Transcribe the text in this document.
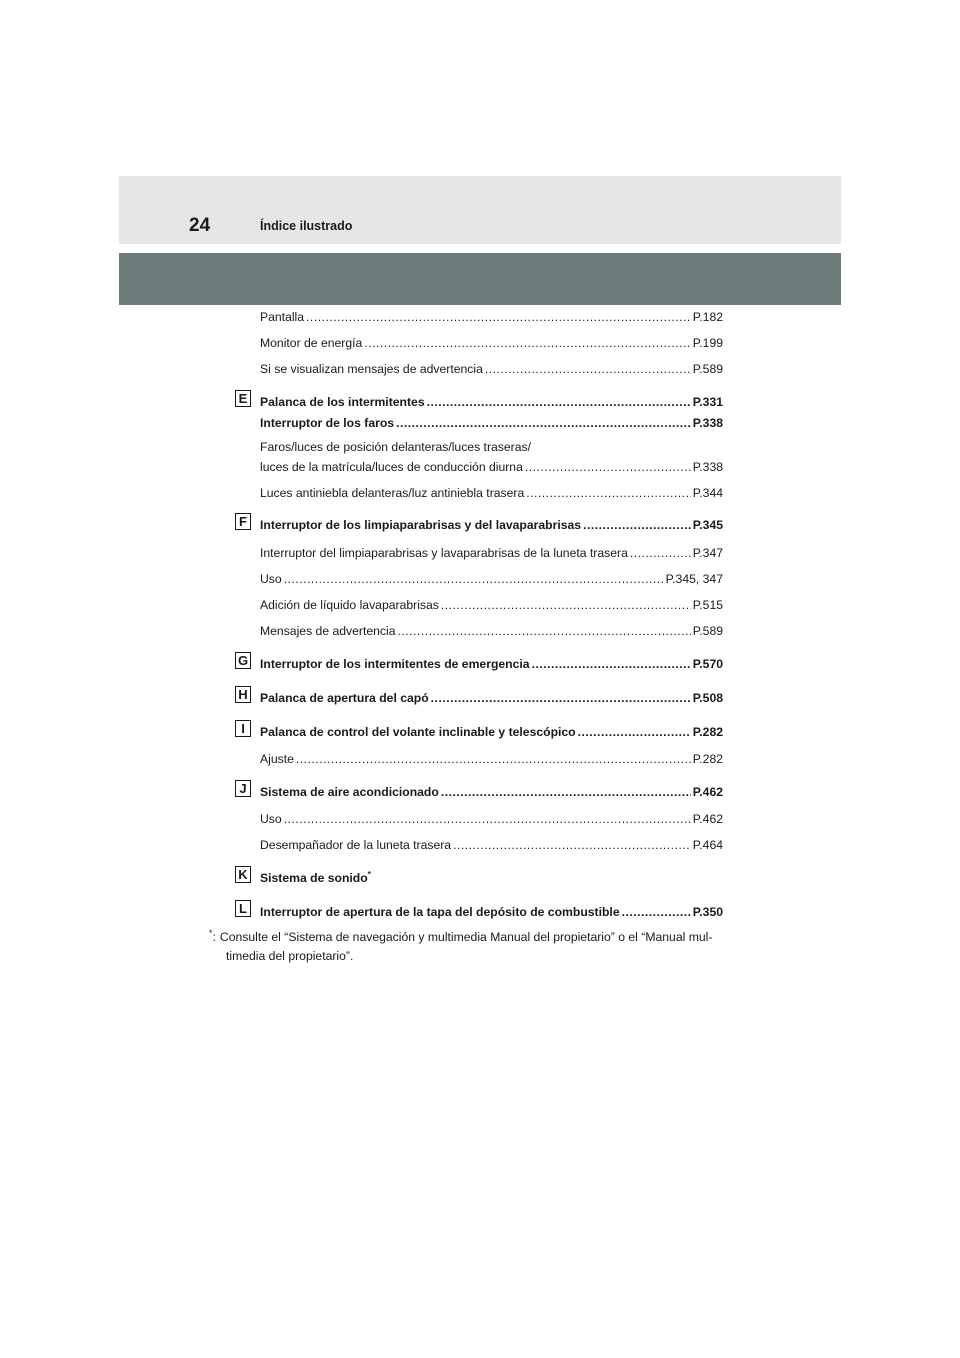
24	Índice ilustrado
Pantalla .....	P.182
Monitor de energía .....	P.199
Si se visualizan mensajes de advertencia .....	P.589
E	Palanca de los intermitentes .....	P.331
Interruptor de los faros .....	P.338
Faros/luces de posición delanteras/luces traseras/
luces de la matrícula/luces de conducción diurna .....	P.338
Luces antiniebla delanteras/luz antiniebla trasera .....	P.344
F	Interruptor de los limpiaparabrisas y del lavaparabrisas .....	P.345
Interruptor del limpiaparabrisas y lavaparabrisas de la luneta trasera .....	P.347
Uso .....	P.345, 347
Adición de líquido lavaparabrisas .....	P.515
Mensajes de advertencia .....	P.589
G Interruptor de los intermitentes de emergencia .....	P.570
H Palanca de apertura del capó .....	P.508
I	Palanca de control del volante inclinable y telescópico .....	P.282
Ajuste .....	P.282
J	Sistema de aire acondicionado .....	P.462
Uso .....	P.462
Desempañador de la luneta trasera .....	P.464
K Sistema de sonido*
L	Interruptor de apertura de la tapa del depósito de combustible .....	P.350
*: Consulte el “Sistema de navegación y multimedia Manual del propietario” o el “Manual mul-
timedia del propietario”.
